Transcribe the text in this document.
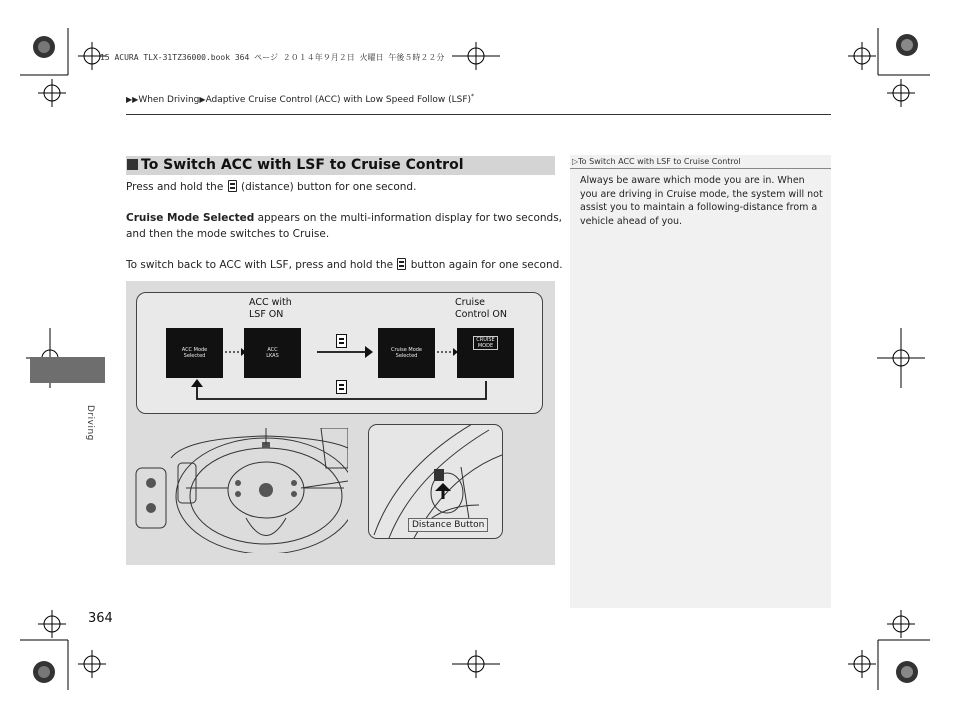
15 ACURA TLX-31TZ36000.book 364 ページ ２０１４年９月２日 火曜日 午後５時２２分
▶▶When Driving▶Adaptive Cruise Control (ACC) with Low Speed Follow (LSF)*
Driving
To Switch ACC with LSF to Cruise Control
Press and hold the (distance) button for one second.
Cruise Mode Selected appears on the multi-information display for two seconds,
and then the mode switches to Cruise.
To switch back to ACC with LSF, press and hold the button again for one second.
ACC with
LSF ON
Cruise
Control ON
ACC Mode
Selected
ACC
LKAS
Cruise Mode
Selected
CRUISE
MODE
Distance Button
▷To Switch ACC with LSF to Cruise Control
Always be aware which mode you are in. When you are driving in Cruise mode, the system will not assist you to maintain a following-distance from a vehicle ahead of you.
364
